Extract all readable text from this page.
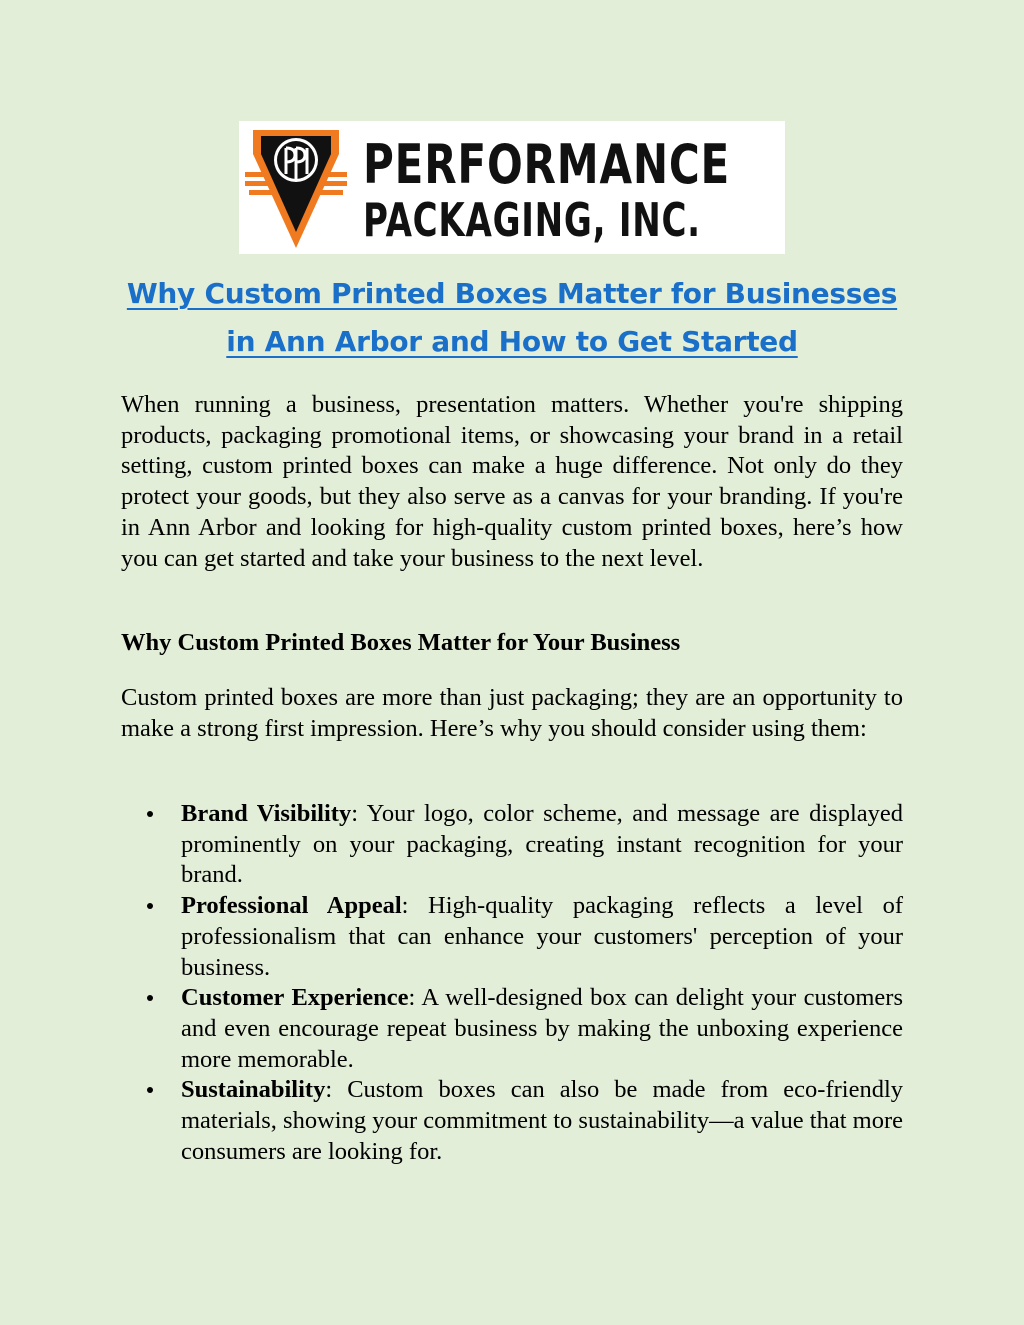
PERFORMANCE
PACKAGING, INC.
Why Custom Printed Boxes Matter for Businesses
in Ann Arbor and How to Get Started

When running a business, presentation matters. Whether you're shipping products, packaging promotional items, or showcasing your brand in a retail setting, custom printed boxes can make a huge difference. Not only do they protect your goods, but they also serve as a canvas for your branding. If you're in Ann Arbor and looking for high-quality custom printed boxes, here’s how you can get started and take your business to the next level.

Why Custom Printed Boxes Matter for Your Business

Custom printed boxes are more than just packaging; they are an opportunity to make a strong first impression. Here’s why you should consider using them:

Brand Visibility: Your logo, color scheme, and message are displayed prominently on your packaging, creating instant recognition for your brand.
Professional Appeal: High-quality packaging reflects a level of professionalism that can enhance your customers' perception of your business.
Customer Experience: A well-designed box can delight your customers and even encourage repeat business by making the unboxing experience more memorable.
Sustainability: Custom boxes can also be made from eco-friendly materials, showing your commitment to sustainability—a value that more consumers are looking for.
